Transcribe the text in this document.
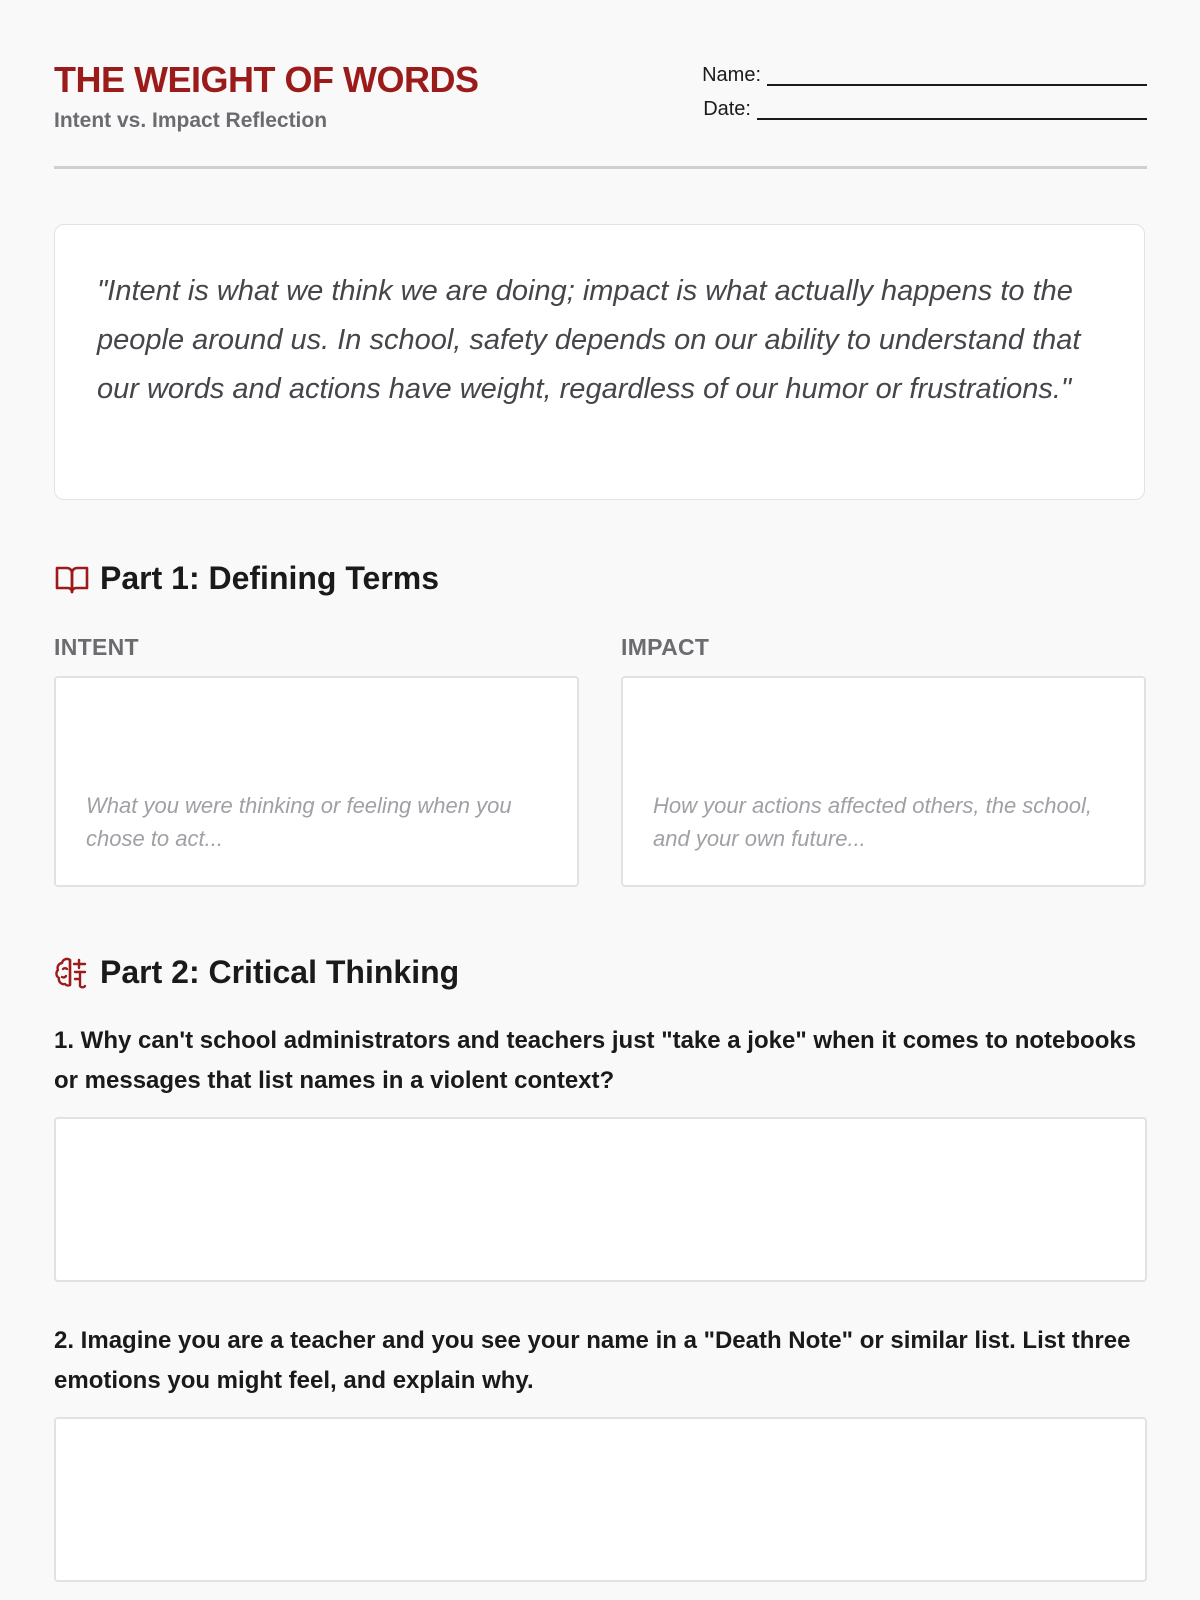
THE WEIGHT OF WORDS
Intent vs. Impact Reflection
Name:
Date:
"Intent is what we think we are doing; impact is what actually happens to the people around us. In school, safety depends on our ability to understand that our words and actions have weight, regardless of our humor or frustrations."
Part 1: Defining Terms
INTENT
What you were thinking or feeling when you chose to act...
IMPACT
How your actions affected others, the school, and your own future...
Part 2: Critical Thinking
1. Why can't school administrators and teachers just "take a joke" when it comes to notebooks or messages that list names in a violent context?
2. Imagine you are a teacher and you see your name in a "Death Note" or similar list. List three emotions you might feel, and explain why.
